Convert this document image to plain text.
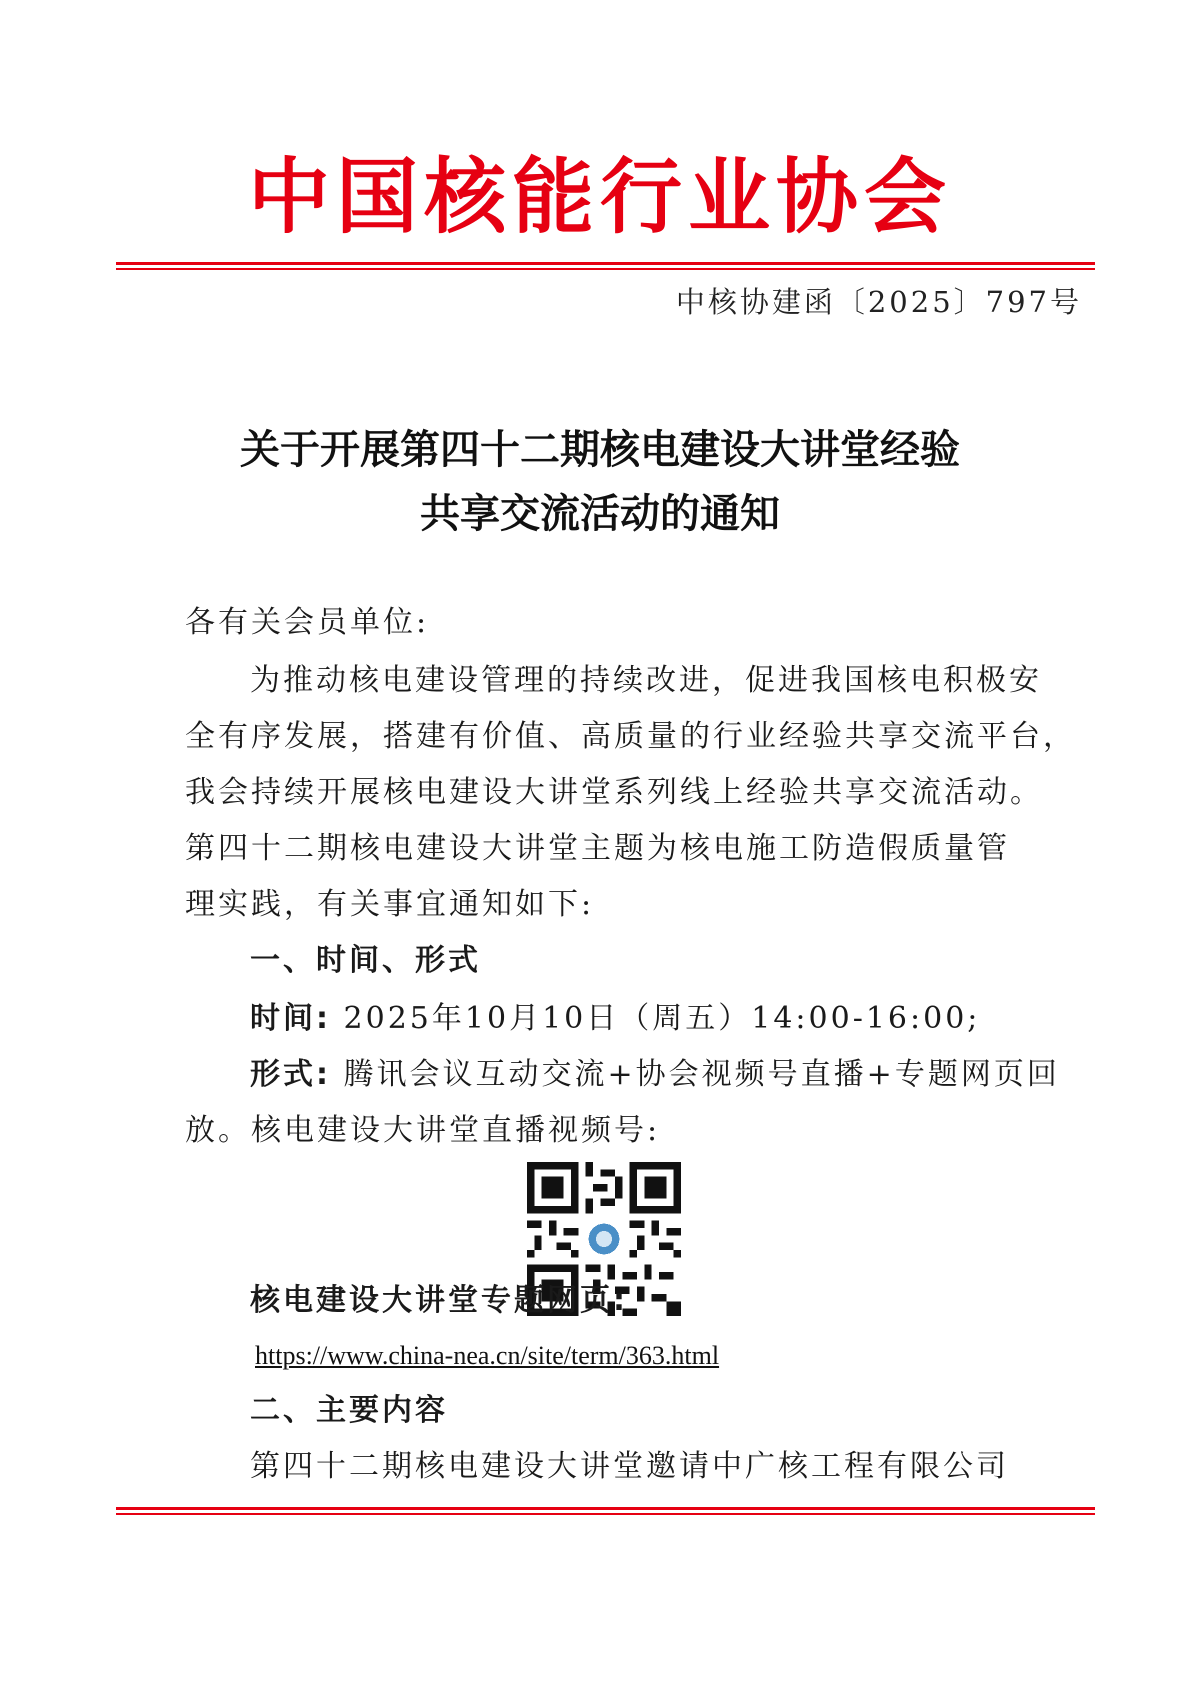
中国核能行业协会
中核协建函〔2025〕797号
关于开展第四十二期核电建设大讲堂经验
共享交流活动的通知
各有关会员单位:
为推动核电建设管理的持续改进，促进我国核电积极安
全有序发展，搭建有价值、高质量的行业经验共享交流平台，
我会持续开展核电建设大讲堂系列线上经验共享交流活动。
第四十二期核电建设大讲堂主题为核电施工防造假质量管
理实践，有关事宜通知如下:
一、时间、形式
时间: 2025年10月10日（周五）14:00-16:00;
形式: 腾讯会议互动交流+协会视频号直播+专题网页回
放。核电建设大讲堂直播视频号:
核电建设大讲堂专题网页:
https://www.china-nea.cn/site/term/363.html
二、主要内容
第四十二期核电建设大讲堂邀请中广核工程有限公司
